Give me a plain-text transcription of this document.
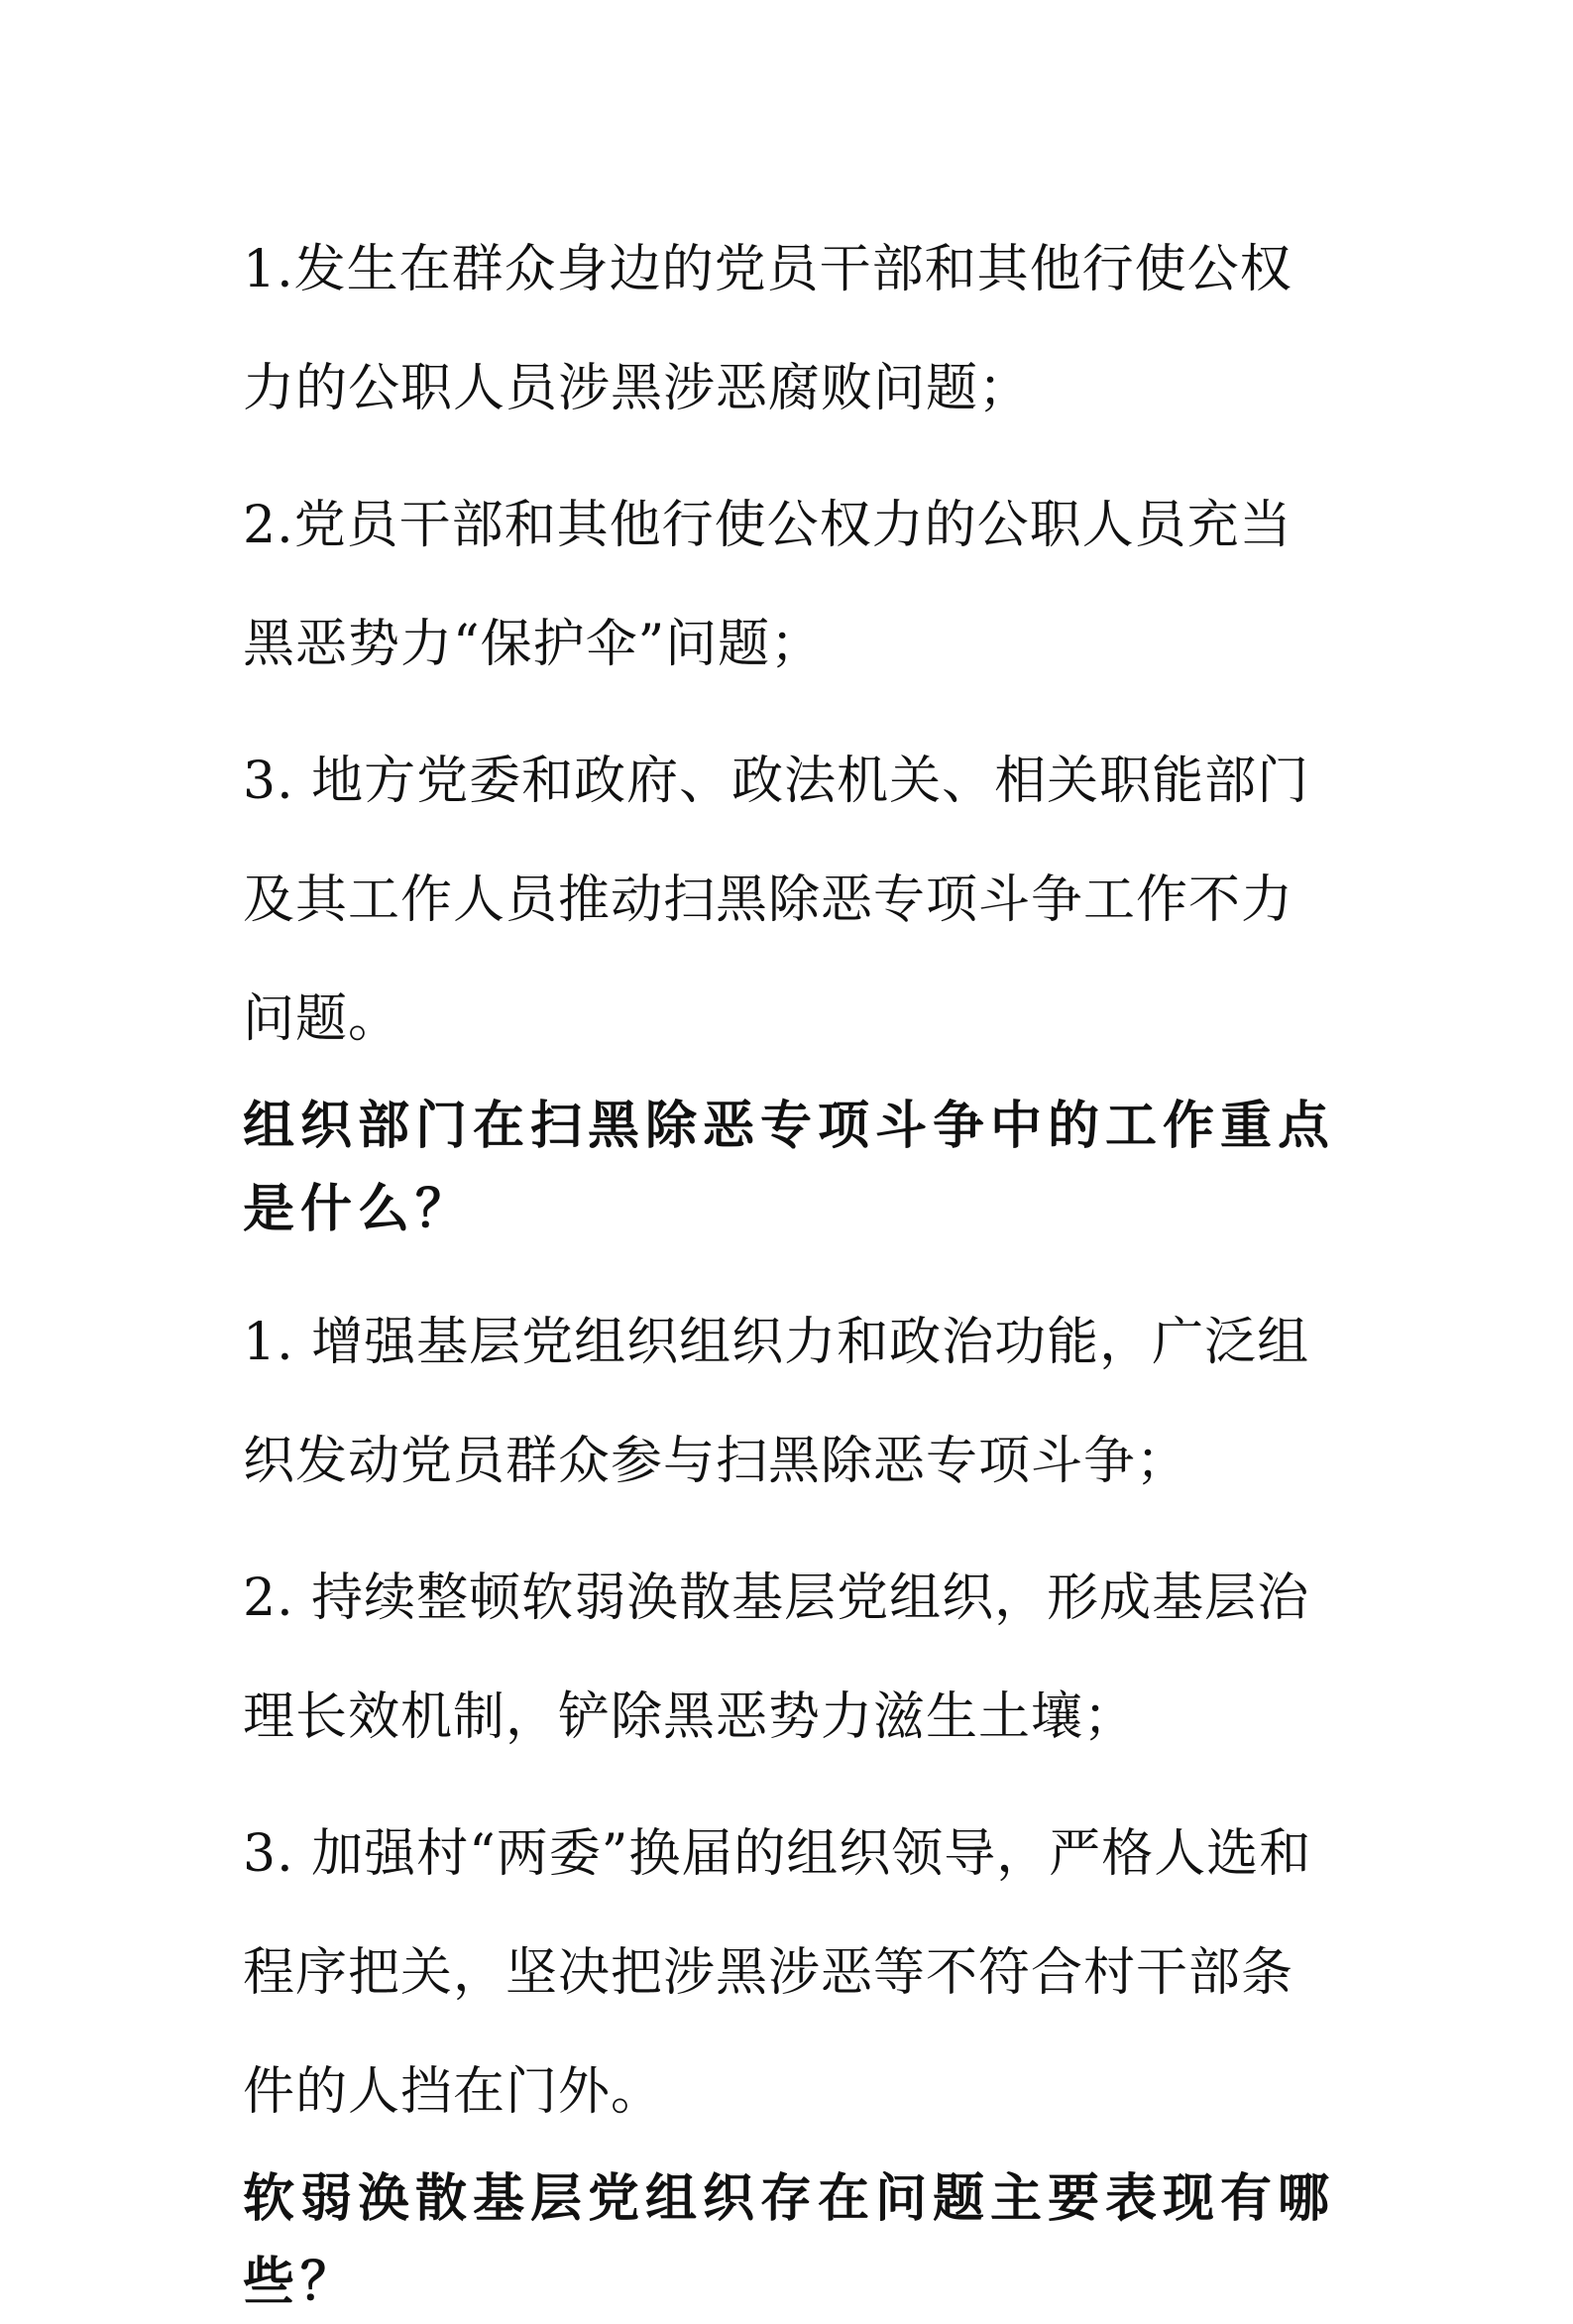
1.发生在群众身边的党员干部和其他行使公权力的公职人员涉黑涉恶腐败问题；

2.党员干部和其他行使公权力的公职人员充当黑恶势力“保护伞”问题；

3. 地方党委和政府、政法机关、相关职能部门及其工作人员推动扫黑除恶专项斗争工作不力问题。

组织部门在扫黑除恶专项斗争中的工作重点是什么？

1. 增强基层党组织组织力和政治功能，广泛组织发动党员群众参与扫黑除恶专项斗争；

2. 持续整顿软弱涣散基层党组织，形成基层治理长效机制，铲除黑恶势力滋生土壤；

3. 加强村“两委”换届的组织领导，严格人选和程序把关，坚决把涉黑涉恶等不符合村干部条件的人挡在门外。

软弱涣散基层党组织存在问题主要表现有哪些？
